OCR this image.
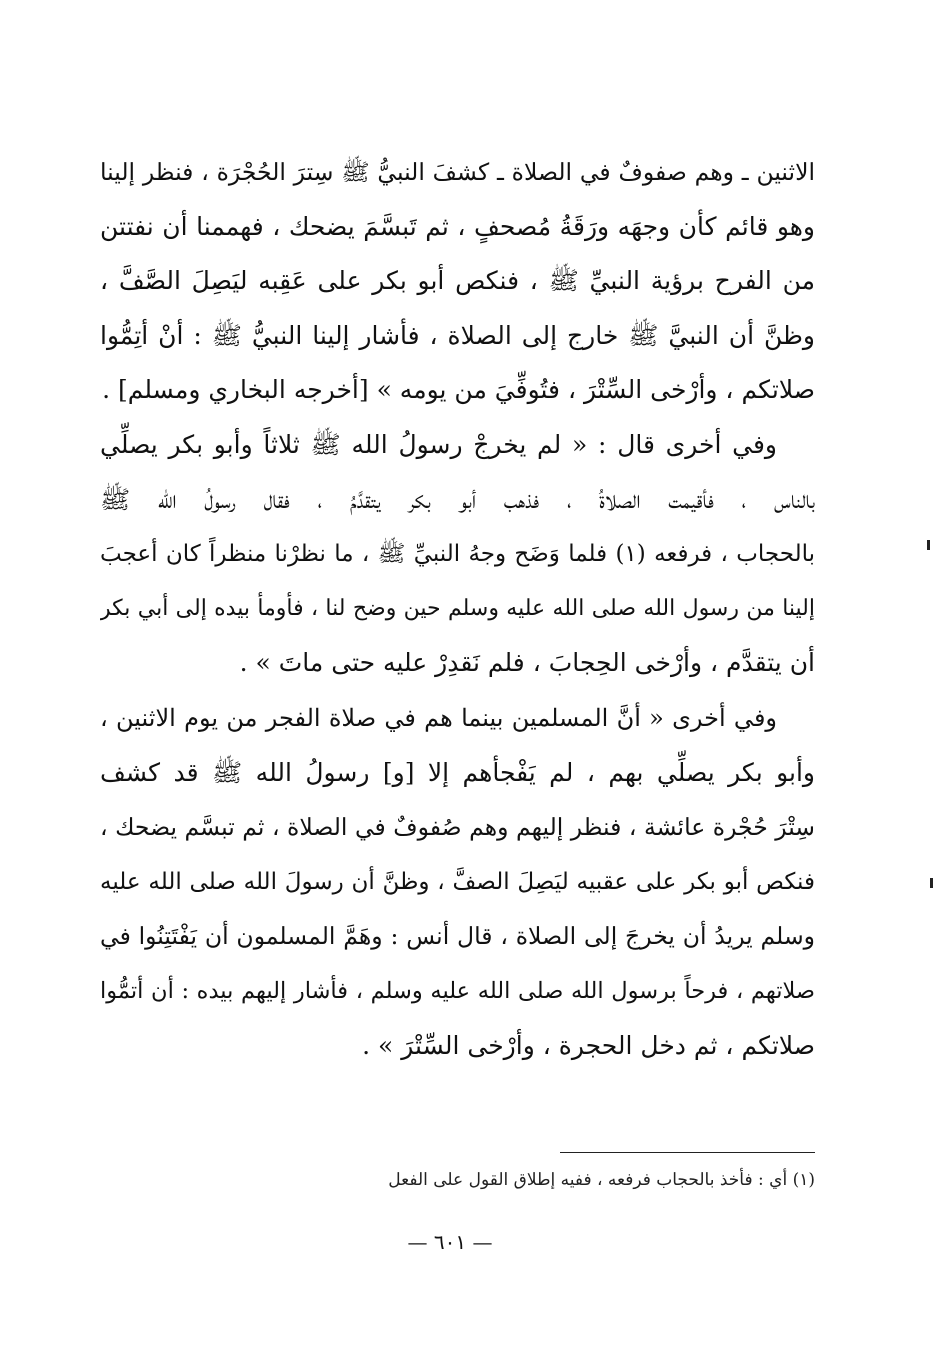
الاثنين ـ وهم صفوفٌ في الصلاة ـ كشفَ النبيُّ ﷺ سِترَ الحُجْرَة ، فنظر إلينا
وهو قائم كأن وجهَه ورَقَةُ مُصحفٍ ، ثم تَبسَّمَ يضحك ، فهممنا أن نفتتن
من الفرح برؤية النبيِّ ﷺ ، فنكص أبو بكر على عَقِبه ليَصِلَ الصَّفَّ ،
وظنَّ أن النبيَّ ﷺ خارج إلى الصلاة ، فأشار إلينا النبيُّ ﷺ : أنْ أتِمُّوا
صلاتكم ، وأرْخى السِّتْرَ ، فتُوفِّيَ من يومه » [أخرجه البخاري ومسلم] .
وفي أخرى قال : « لم يخرجْ رسولُ الله ﷺ ثلاثاً وأبو بكر يصلِّي
بالناس ، فأقيمت الصلاةُ ، فذهب أبو بكر يتقدَّمُ ، فقال رسولُ الله ﷺ
بالحجاب ، فرفعه (١) فلما وَضَح وجهُ النبيِّ ﷺ ، ما نظرْنا منظراً كان أعجبَ
إلينا من رسول الله صلى الله عليه وسلم حين وضح لنا ، فأومأ بيده إلى أبي بكر
أن يتقدَّم ، وأرْخى الحِجابَ ، فلم نَقدِرْ عليه حتى ماتَ » .
وفي أخرى « أنَّ المسلمين بينما هم في صلاة الفجر من يوم الاثنين ،
وأبو بكر يصلِّي بهم ، لم يَفْجأهم إلا [و] رسولُ الله ﷺ قد كشف
سِتْرَ حُجْرة عائشة ، فنظر إليهم وهم صُفوفٌ في الصلاة ، ثم تبسَّم يضحك ،
فنكص أبو بكر على عقبيه ليَصِلَ الصفَّ ، وظنَّ أن رسولَ الله صلى الله عليه
وسلم يريدُ أن يخرجَ إلى الصلاة ، قال أنس : وهَمَّ المسلمون أن يَفْتَتِنُوا في
صلاتهم ، فرحاً برسول الله صلى الله عليه وسلم ، فأشار إليهم بيده : أن أتمُّوا
صلاتكم ، ثم دخل الحجرة ، وأرْخى السِّتْرَ » .
(١) أي : فأخذ بالحجاب فرفعه ، ففيه إطلاق القول على الفعل
— ٦٠١ —
